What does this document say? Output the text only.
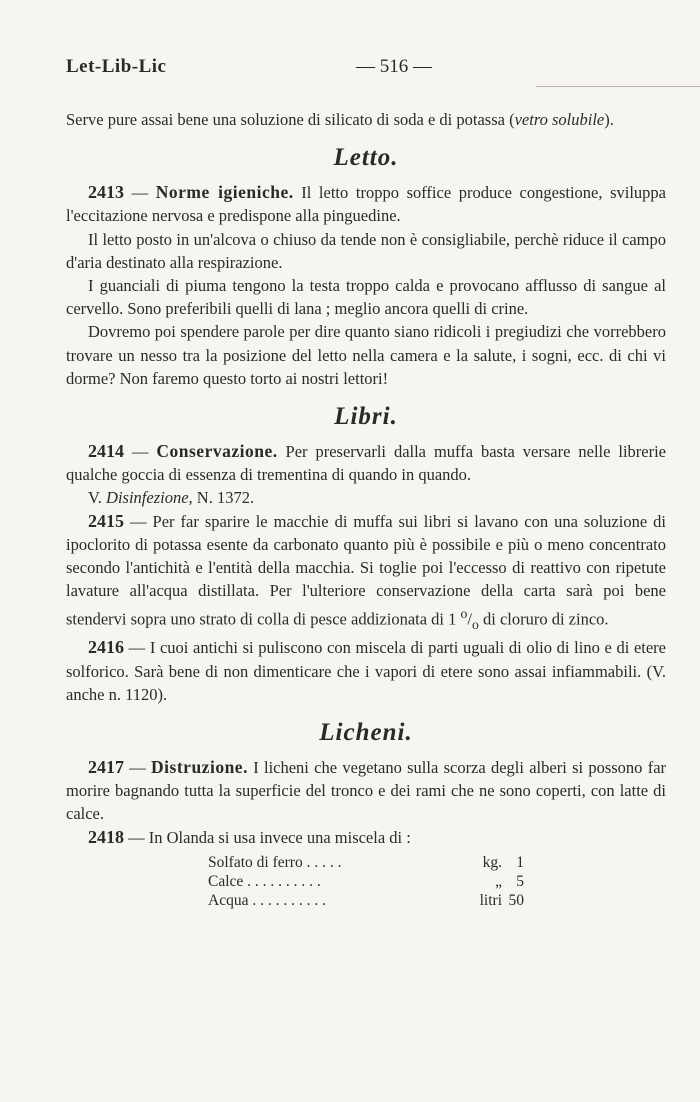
Let-Lib-Lic	— 516 —

Serve pure assai bene una soluzione di silicato di soda e di potassa (vetro solubile).

Letto.

2413 — Norme igieniche. Il letto troppo soffice produce congestione, sviluppa l'eccitazione nervosa e predispone alla pinguedine.

Il letto posto in un'alcova o chiuso da tende non è consigliabile, perchè riduce il campo d'aria destinato alla respirazione.

I guanciali di piuma tengono la testa troppo calda e provocano afflusso di sangue al cervello. Sono preferibili quelli di lana ; meglio ancora quelli di crine.

Dovremo poi spendere parole per dire quanto siano ridicoli i pregiudizi che vorrebbero trovare un nesso tra la posizione del letto nella camera e la salute, i sogni, ecc. di chi vi dorme? Non faremo questo torto ai nostri lettori!

Libri.

2414 — Conservazione. Per preservarli dalla muffa basta versare nelle librerie qualche goccia di essenza di trementina di quando in quando.

V. Disinfezione, N. 1372.

2415 — Per far sparire le macchie di muffa sui libri si lavano con una soluzione di ipoclorito di potassa esente da carbonato quanto più è possibile e più o meno concentrato secondo l'antichità e l'entità della macchia. Si toglie poi l'eccesso di reattivo con ripetute lavature all'acqua distillata. Per l'ulteriore conservazione della carta sarà poi bene stendervi sopra uno strato di colla di pesce addizionata di 1 $^o/_o$ di cloruro di zinco.

2416 — I cuoi antichi si puliscono con miscela di parti uguali di olio di lino e di etere solforico. Sarà bene di non dimenticare che i vapori di etere sono assai infiammabili. (V. anche n. 1120).

Licheni.

2417 — Distruzione. I licheni che vegetano sulla scorza degli alberi si possono far morire bagnando tutta la superficie del tronco e dei rami che ne sono coperti, con latte di calce.

2418 — In Olanda si usa invece una miscela di :

Solfato di ferro . . . . .	kg.	1
Calce . . . . . . . . . .	„	5
Acqua . . . . . . . . . .	litri	50
